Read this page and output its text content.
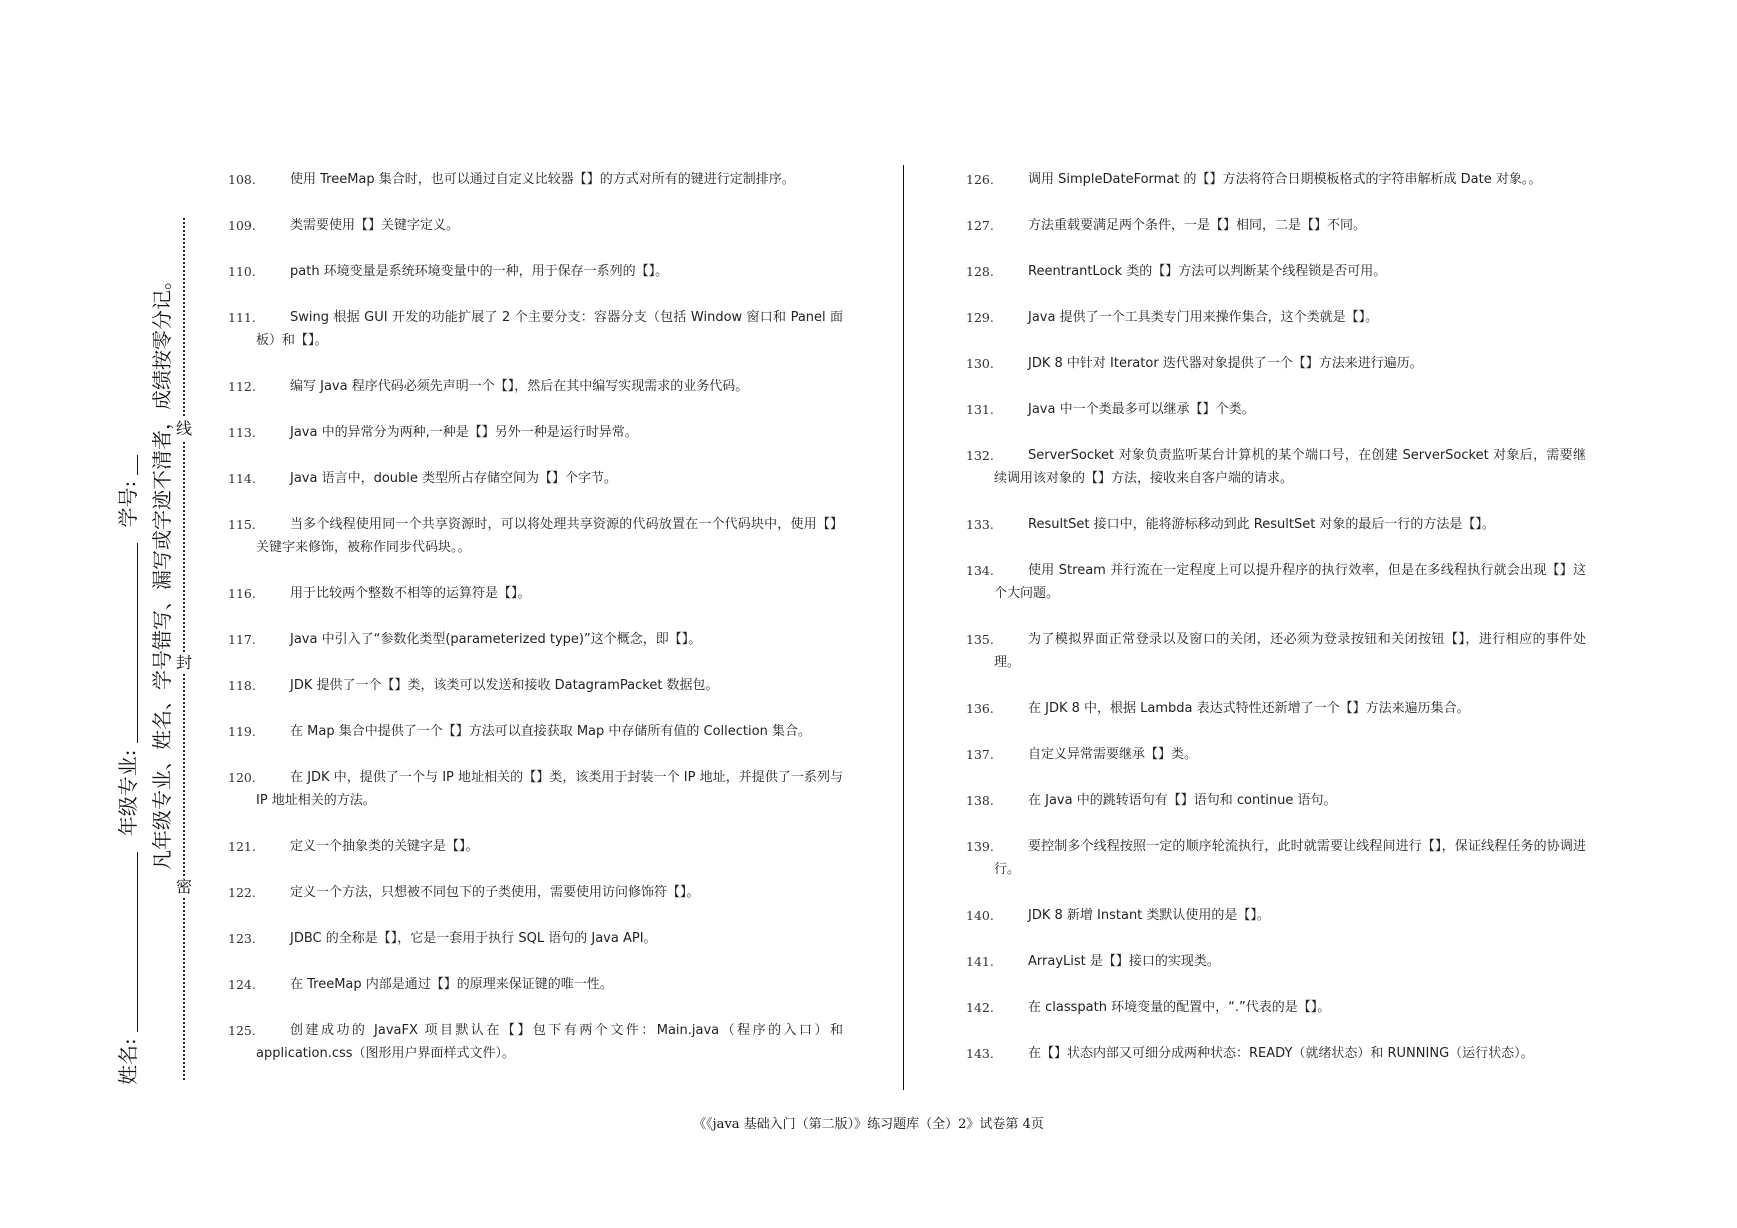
姓名:
年级专业:
学号: 凡年级专业、姓名、学号错写、漏写或字迹不清者，成绩按零分记。 线
封
密
108.	使用 TreeMap 集合时，也可以通过自定义比较器【】的方式对所有的键进行定制排序。
109.	类需要使用【】关键字定义。
110.	path 环境变量是系统环境变量中的一种，用于保存一系列的【】。
111.	Swing 根据 GUI 开发的功能扩展了 2 个主要分支：容器分支（包括 Window 窗口和 Panel 面板）和【】。
112.	编写 Java 程序代码必须先声明一个【】，然后在其中编写实现需求的业务代码。
113.	Java 中的异常分为两种,一种是【】另外一种是运行时异常。
114.	Java 语言中，double 类型所占存储空间为【】个字节。
115.	当多个线程使用同一个共享资源时，可以将处理共享资源的代码放置在一个代码块中，使用【】关键字来修饰，被称作同步代码块。。
116.	用于比较两个整数不相等的运算符是【】。
117.	Java 中引入了“参数化类型(parameterized type)”这个概念，即【】。
118.	JDK 提供了一个【】类，该类可以发送和接收 DatagramPacket 数据包。
119.	在 Map 集合中提供了一个【】方法可以直接获取 Map 中存储所有值的 Collection 集合。
120.	在 JDK 中，提供了一个与 IP 地址相关的【】类，该类用于封装一个 IP 地址，并提供了一系列与 IP 地址相关的方法。
121.	定义一个抽象类的关键字是【】。
122.	定义一个方法，只想被不同包下的子类使用，需要使用访问修饰符【】。
123.	JDBC 的全称是【】，它是一套用于执行 SQL 语句的 Java API。
124.	在 TreeMap 内部是通过【】的原理来保证键的唯一性。
125.	创建成功的 JavaFX 项目默认在【】包下有两个文件：Main.java（程序的入口）和 application.css（图形用户界面样式文件）。
126.	调用 SimpleDateFormat 的【】方法将符合日期模板格式的字符串解析成 Date 对象。。
127.	方法重载要满足两个条件，一是【】相同，二是【】不同。
128.	ReentrantLock 类的【】方法可以判断某个线程锁是否可用。
129.	Java 提供了一个工具类专门用来操作集合，这个类就是【】。
130.	JDK 8 中针对 Iterator 迭代器对象提供了一个【】方法来进行遍历。
131.	Java 中一个类最多可以继承【】个类。
132.	ServerSocket 对象负责监听某台计算机的某个端口号，在创建 ServerSocket 对象后，需要继续调用该对象的【】方法，接收来自客户端的请求。
133.	ResultSet 接口中，能将游标移动到此 ResultSet 对象的最后一行的方法是【】。
134.	使用 Stream 并行流在一定程度上可以提升程序的执行效率，但是在多线程执行就会出现【】这个大问题。
135.	为了模拟界面正常登录以及窗口的关闭，还必须为登录按钮和关闭按钮【】，进行相应的事件处理。
136.	在 JDK 8 中，根据 Lambda 表达式特性还新增了一个【】方法来遍历集合。
137.	自定义异常需要继承【】类。
138.	在 Java 中的跳转语句有【】语句和 continue 语句。
139.	要控制多个线程按照一定的顺序轮流执行，此时就需要让线程间进行【】，保证线程任务的协调进行。
140.	JDK 8 新增 Instant 类默认使用的是【】。
141.	ArrayList 是【】接口的实现类。
142.	在 classpath 环境变量的配置中，“.”代表的是【】。
143.	在【】状态内部又可细分成两种状态：READY（就绪状态）和 RUNNING（运行状态）。
《《java 基础入门（第二版）》练习题库（全）2》试卷第 4页
